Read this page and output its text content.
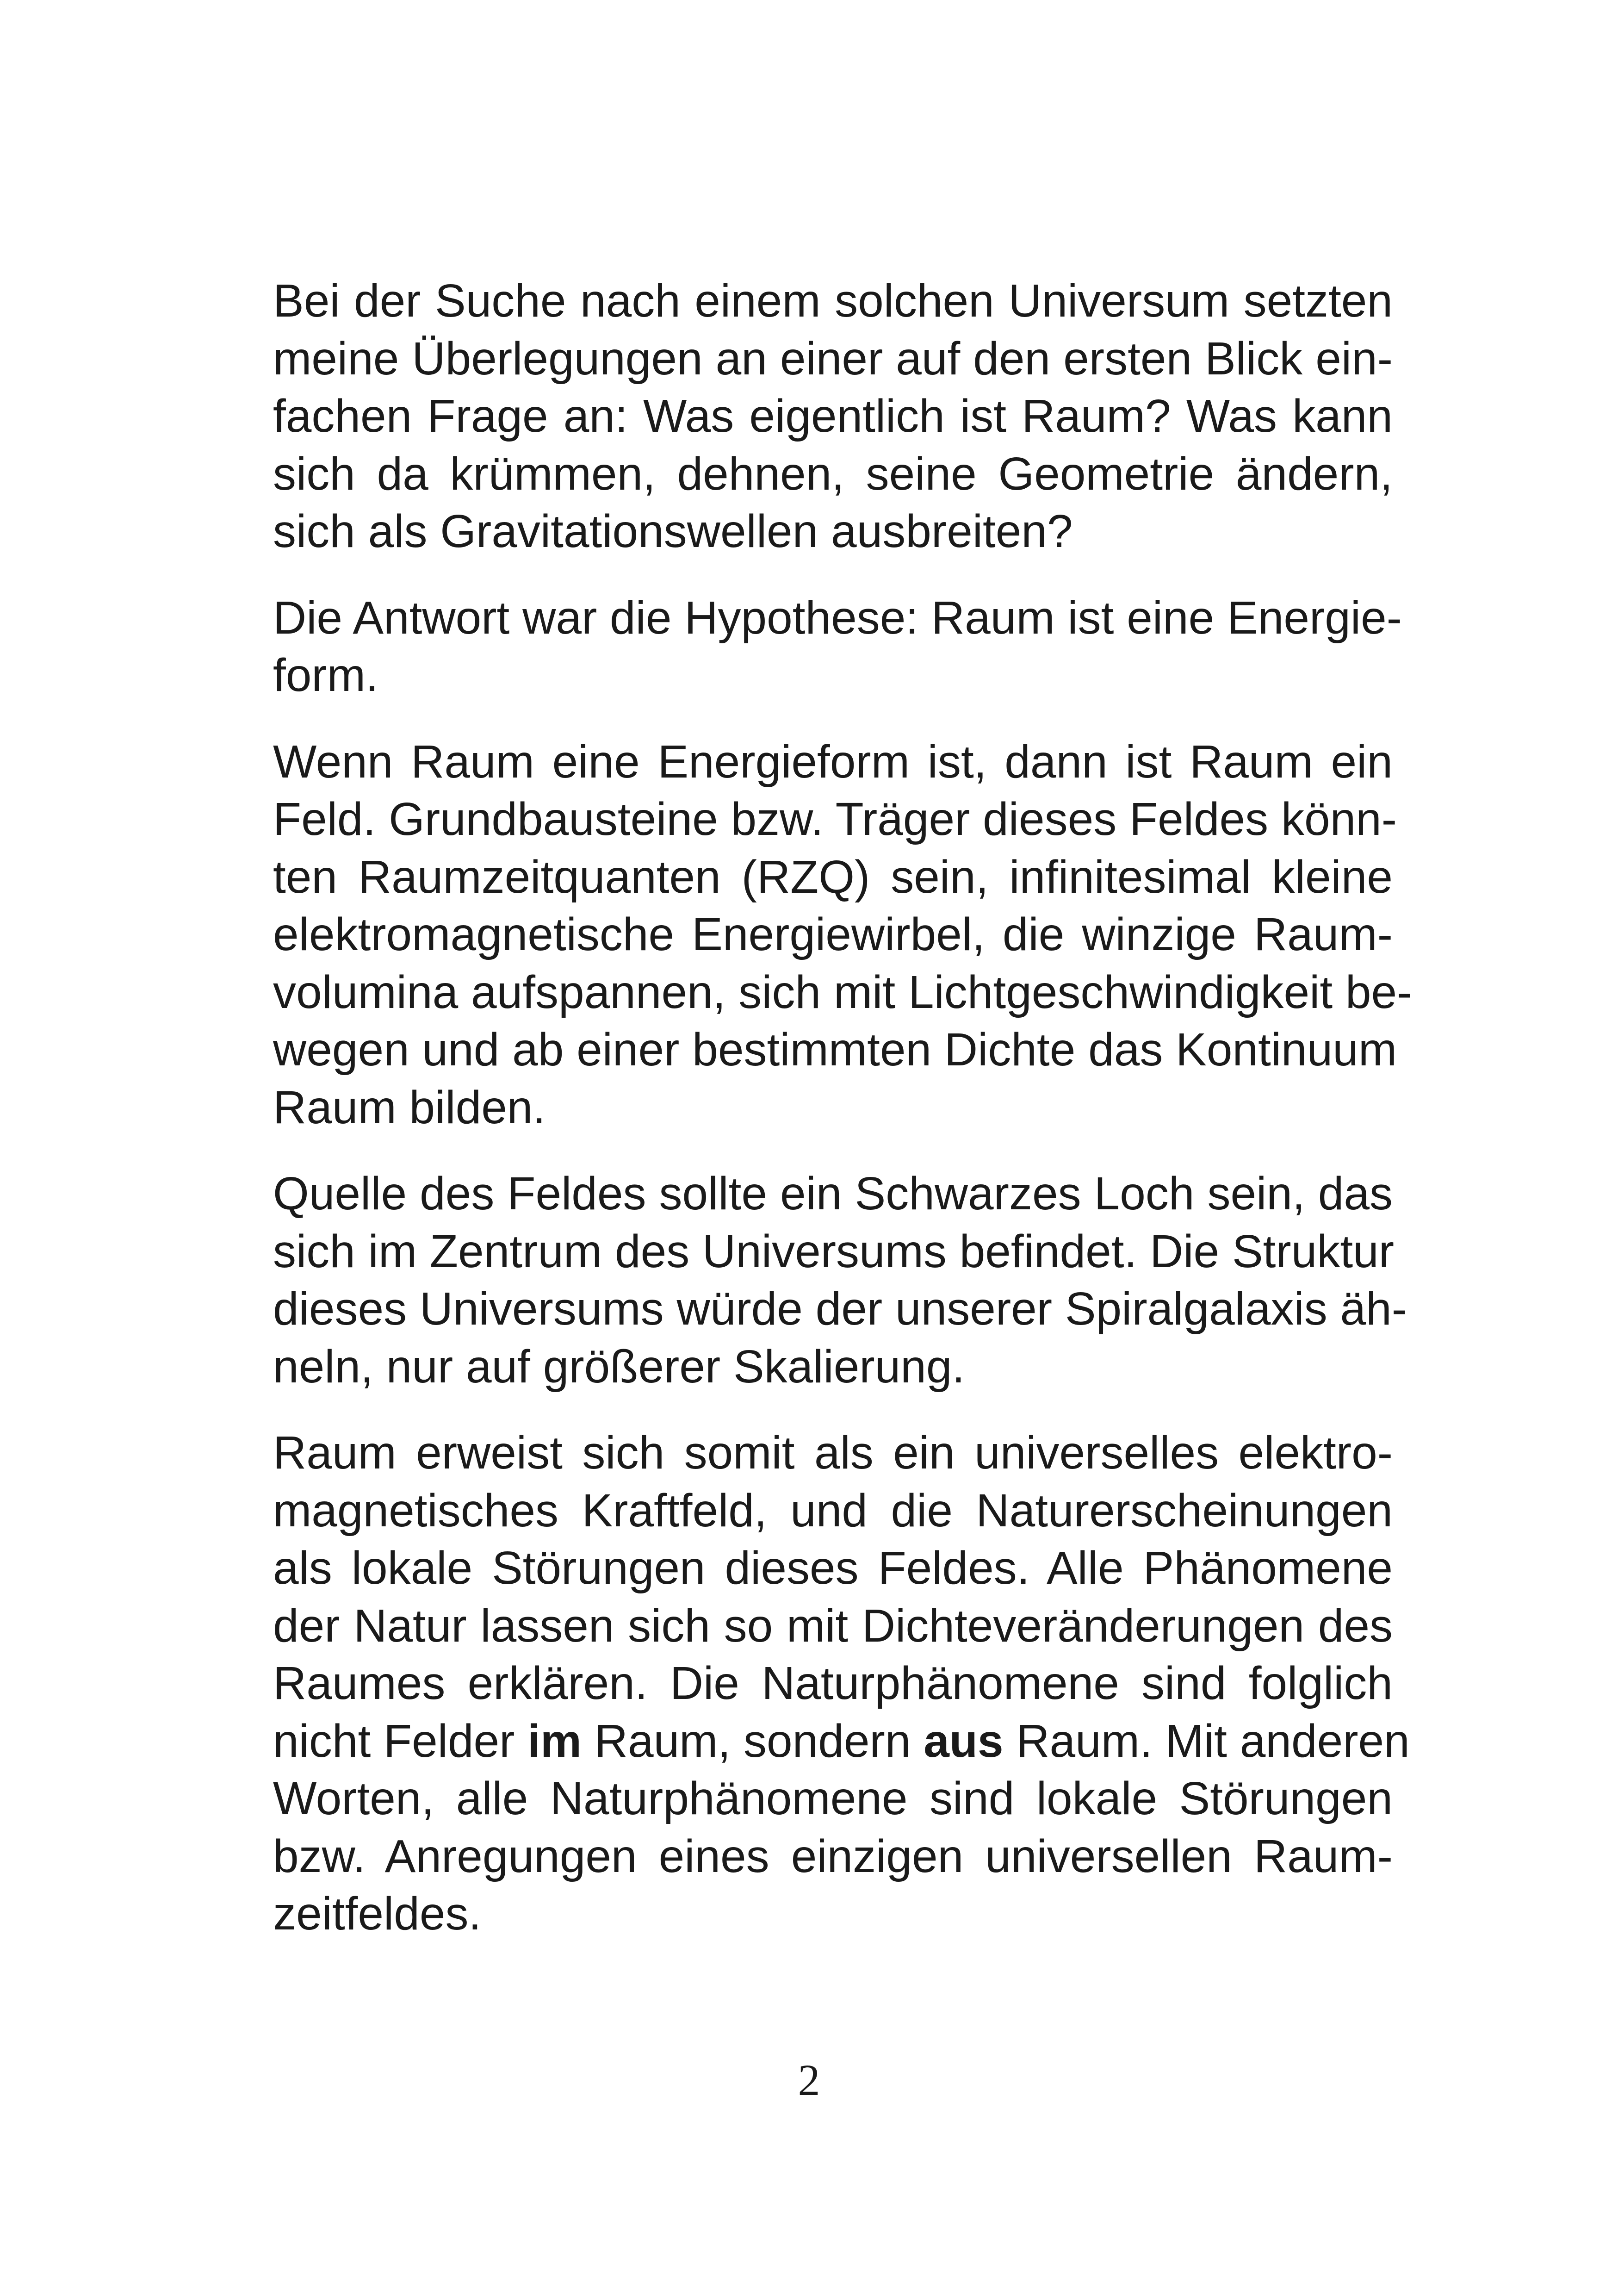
Bei der Suche nach einem solchen Universum setzten
meine Überlegungen an einer auf den ersten Blick ein-
fachen Frage an: Was eigentlich ist Raum? Was kann
sich da krümmen, dehnen, seine Geometrie ändern,
sich als Gravitationswellen ausbreiten?

Die Antwort war die Hypothese: Raum ist eine Energie-
form.

Wenn Raum eine Energieform ist, dann ist Raum ein
Feld. Grundbausteine bzw. Träger dieses Feldes könn-
ten Raumzeitquanten (RZQ) sein, infinitesimal kleine
elektromagnetische Energiewirbel, die winzige Raum-
volumina aufspannen, sich mit Lichtgeschwindigkeit be-
wegen und ab einer bestimmten Dichte das Kontinuum
Raum bilden.

Quelle des Feldes sollte ein Schwarzes Loch sein, das
sich im Zentrum des Universums befindet. Die Struktur
dieses Universums würde der unserer Spiralgalaxis äh-
neln, nur auf größerer Skalierung.

Raum erweist sich somit als ein universelles elektro-
magnetisches Kraftfeld, und die Naturerscheinungen
als lokale Störungen dieses Feldes. Alle Phänomene
der Natur lassen sich so mit Dichteveränderungen des
Raumes erklären. Die Naturphänomene sind folglich
nicht Felder im Raum, sondern aus Raum. Mit anderen
Worten, alle Naturphänomene sind lokale Störungen
bzw. Anregungen eines einzigen universellen Raum-
zeitfeldes.

2
